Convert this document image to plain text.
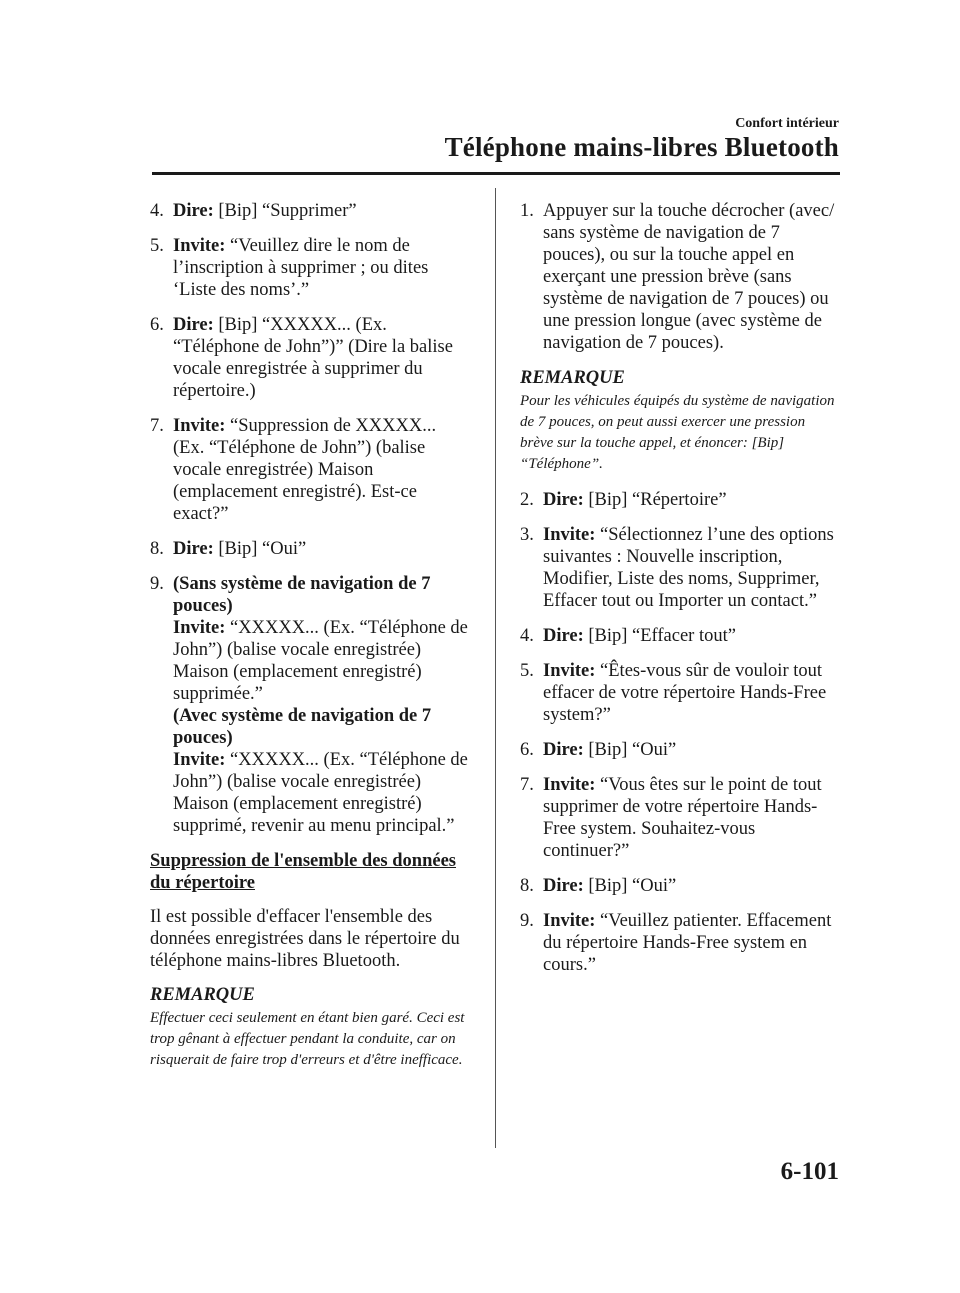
Confort intérieur
Téléphone mains-libres Bluetooth
4. Dire: [Bip] “Supprimer”
5. Invite: “Veuillez dire le nom de l’inscription à supprimer ; ou dites ‘Liste des noms’.”
6. Dire: [Bip] “XXXXX... (Ex. “Téléphone de John”)” (Dire la balise vocale enregistrée à supprimer du répertoire.)
7. Invite: “Suppression de XXXXX... (Ex. “Téléphone de John”) (balise vocale enregistrée) Maison (emplacement enregistré). Est-ce exact?”
8. Dire: [Bip] “Oui”
9. (Sans système de navigation de 7 pouces)
Invite: “XXXXX... (Ex. “Téléphone de John”) (balise vocale enregistrée) Maison (emplacement enregistré) supprimée.”
(Avec système de navigation de 7 pouces)
Invite: “XXXXX... (Ex. “Téléphone de John”) (balise vocale enregistrée) Maison (emplacement enregistré) supprimé, revenir au menu principal.”
Suppression de l'ensemble des données du répertoire
Il est possible d'effacer l'ensemble des données enregistrées dans le répertoire du téléphone mains-libres Bluetooth.
REMARQUE
Effectuer ceci seulement en étant bien garé. Ceci est trop gênant à effectuer pendant la conduite, car on risquerait de faire trop d'erreurs et d'être inefficace.
1. Appuyer sur la touche décrocher (avec/ sans système de navigation de 7 pouces), ou sur la touche appel en exerçant une pression brève (sans système de navigation de 7 pouces) ou une pression longue (avec système de navigation de 7 pouces).
REMARQUE
Pour les véhicules équipés du système de navigation de 7 pouces, on peut aussi exercer une pression brève sur la touche appel, et énoncer: [Bip] “Téléphone”.
2. Dire: [Bip] “Répertoire”
3. Invite: “Sélectionnez l’une des options suivantes : Nouvelle inscription, Modifier, Liste des noms, Supprimer, Effacer tout ou Importer un contact.”
4. Dire: [Bip] “Effacer tout”
5. Invite: “Êtes-vous sûr de vouloir tout effacer de votre répertoire Hands-Free system?”
6. Dire: [Bip] “Oui”
7. Invite: “Vous êtes sur le point de tout supprimer de votre répertoire Hands-Free system. Souhaitez-vous continuer?”
8. Dire: [Bip] “Oui”
9. Invite: “Veuillez patienter. Effacement du répertoire Hands-Free system en cours.”
6-101
